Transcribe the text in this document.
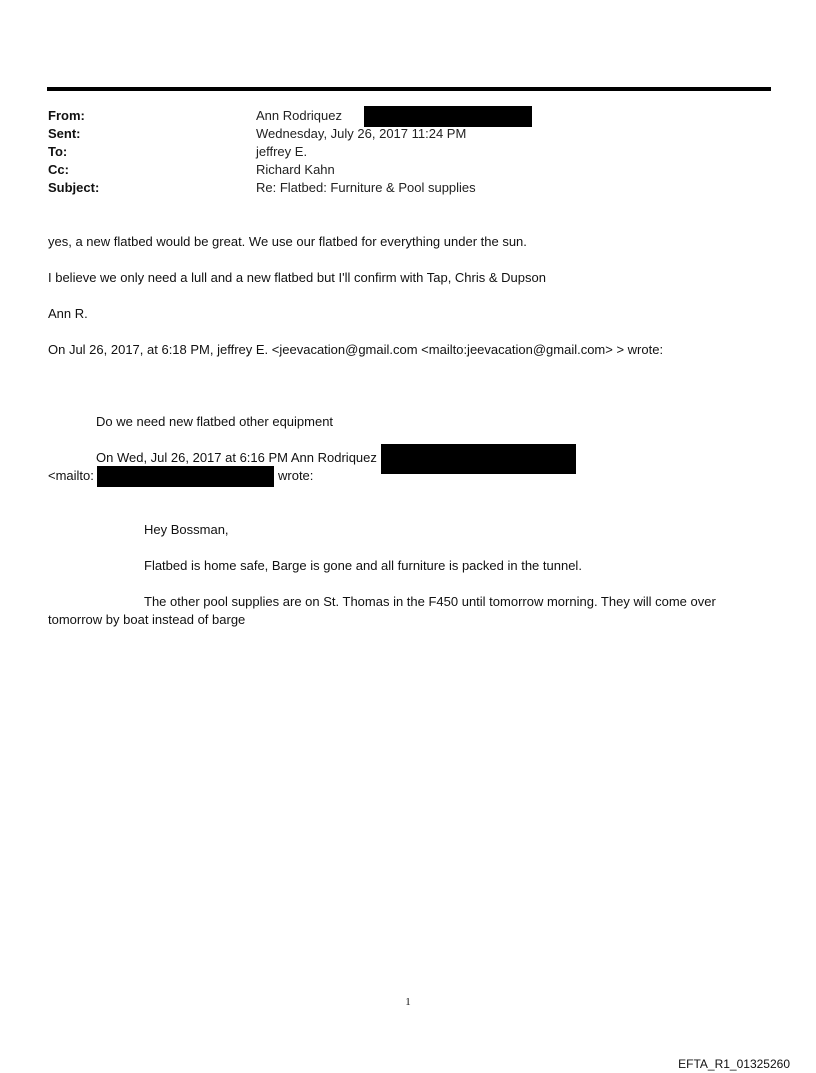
From:	Ann Rodriquez
Sent:	Wednesday, July 26, 2017 11:24 PM
To:	jeffrey E.
Cc:	Richard Kahn
Subject:	Re: Flatbed: Furniture & Pool supplies
yes, a new flatbed would be great. We use our flatbed for everything under the sun.
I believe we only need a lull and a new flatbed but I'll confirm with Tap, Chris & Dupson
Ann R.
On Jul 26, 2017, at 6:18 PM, jeffrey E. <jeevacation@gmail.com <mailto:jeevacation@gmail.com> > wrote:
Do we need new flatbed other equipment
On Wed, Jul 26, 2017 at 6:16 PM Ann Rodriquez
<mailto:	wrote:
Hey Bossman,
Flatbed is home safe, Barge is gone and all furniture is packed in the tunnel.
The other pool supplies are on St. Thomas in the F450 until tomorrow morning. They will come over
tomorrow by boat instead of barge
1
EFTA_R1_01325260
